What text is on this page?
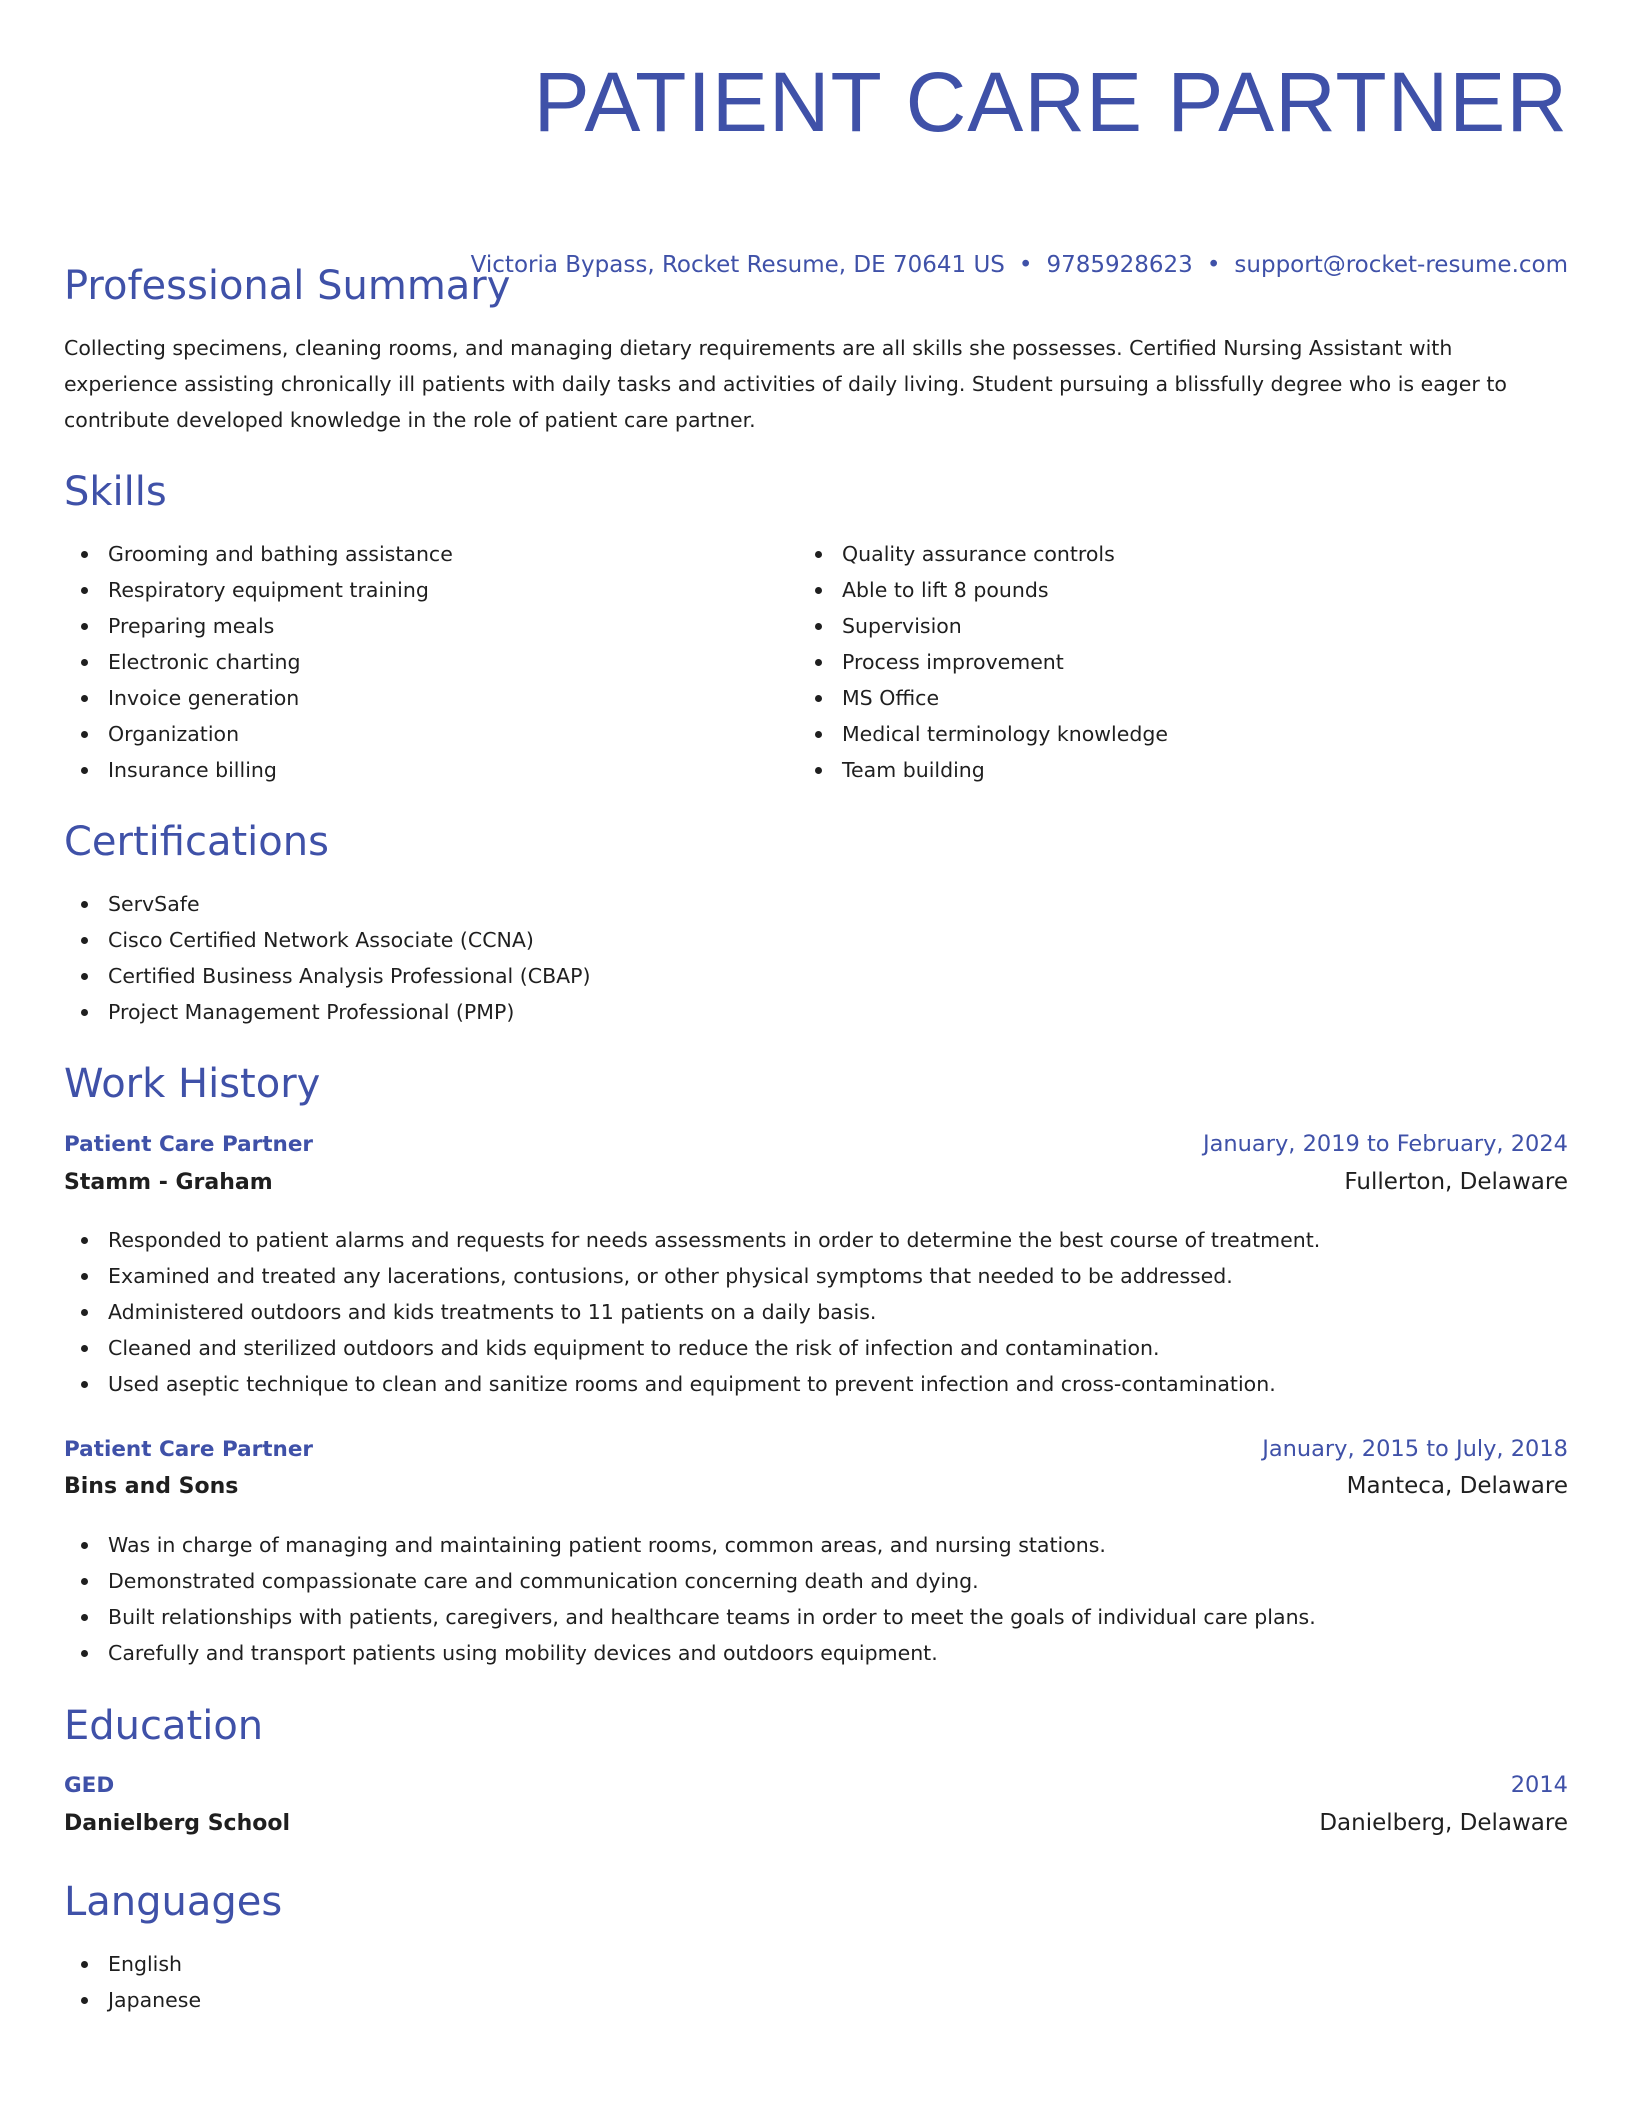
PATIENT CARE PARTNER
Victoria Bypass, Rocket Resume, DE 70641 US • 9785928623 • support@rocket-resume.com
Professional Summary

Collecting specimens, cleaning rooms, and managing dietary requirements are all skills she possesses. Certified Nursing Assistant with experience assisting chronically ill patients with daily tasks and activities of daily living. Student pursuing a blissfully degree who is eager to contribute developed knowledge in the role of patient care partner.

Skills
Grooming and bathing assistance
Respiratory equipment training
Preparing meals
Electronic charting
Invoice generation
Organization
Insurance billing
Quality assurance controls
Able to lift 8 pounds
Supervision
Process improvement
MS Office
Medical terminology knowledge
Team building
Certifications
ServSafe
Cisco Certified Network Associate (CCNA)
Certified Business Analysis Professional (CBAP)
Project Management Professional (PMP)
Work History
Patient Care Partner	January, 2019 to February, 2024
Stamm - Graham	Fullerton, Delaware
Responded to patient alarms and requests for needs assessments in order to determine the best course of treatment.
Examined and treated any lacerations, contusions, or other physical symptoms that needed to be addressed.
Administered outdoors and kids treatments to 11 patients on a daily basis.
Cleaned and sterilized outdoors and kids equipment to reduce the risk of infection and contamination.
Used aseptic technique to clean and sanitize rooms and equipment to prevent infection and cross-contamination.
Patient Care Partner	January, 2015 to July, 2018
Bins and Sons	Manteca, Delaware
Was in charge of managing and maintaining patient rooms, common areas, and nursing stations.
Demonstrated compassionate care and communication concerning death and dying.
Built relationships with patients, caregivers, and healthcare teams in order to meet the goals of individual care plans.
Carefully and transport patients using mobility devices and outdoors equipment.
Education
GED	2014
Danielberg School	Danielberg, Delaware
Languages
English
Japanese
